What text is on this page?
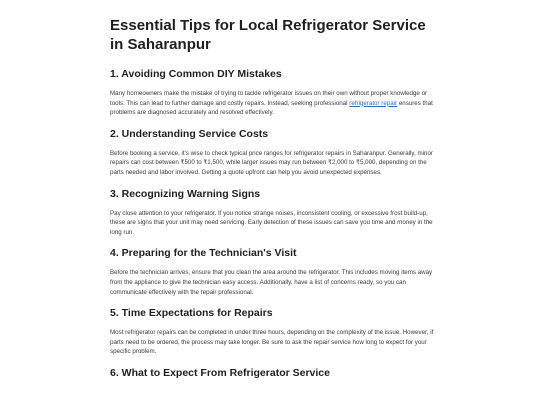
Essential Tips for Local Refrigerator Service in Saharanpur
1. Avoiding Common DIY Mistakes

Many homeowners make the mistake of trying to tackle refrigerator issues on their own without proper knowledge or tools. This can lead to further damage and costly repairs. Instead, seeking professional refrigerator repair ensures that problems are diagnosed accurately and resolved effectively.

2. Understanding Service Costs

Before booking a service, it's wise to check typical price ranges for refrigerator repairs in Saharanpur. Generally, minor repairs can cost between ₹500 to ₹1,500, while larger issues may run between ₹2,000 to ₹5,000, depending on the parts needed and labor involved. Getting a quote upfront can help you avoid unexpected expenses.

3. Recognizing Warning Signs

Pay close attention to your refrigerator. If you notice strange noises, inconsistent cooling, or excessive frost build-up, these are signs that your unit may need servicing. Early detection of these issues can save you time and money in the long run.

4. Preparing for the Technician's Visit

Before the technician arrives, ensure that you clean the area around the refrigerator. This includes moving items away from the appliance to give the technician easy access. Additionally, have a list of concerns ready, so you can communicate effectively with the repair professional.

5. Time Expectations for Repairs

Most refrigerator repairs can be completed in under three hours, depending on the complexity of the issue. However, if parts need to be ordered, the process may take longer. Be sure to ask the repair service how long to expect for your specific problem.

6. What to Expect From Refrigerator Service
